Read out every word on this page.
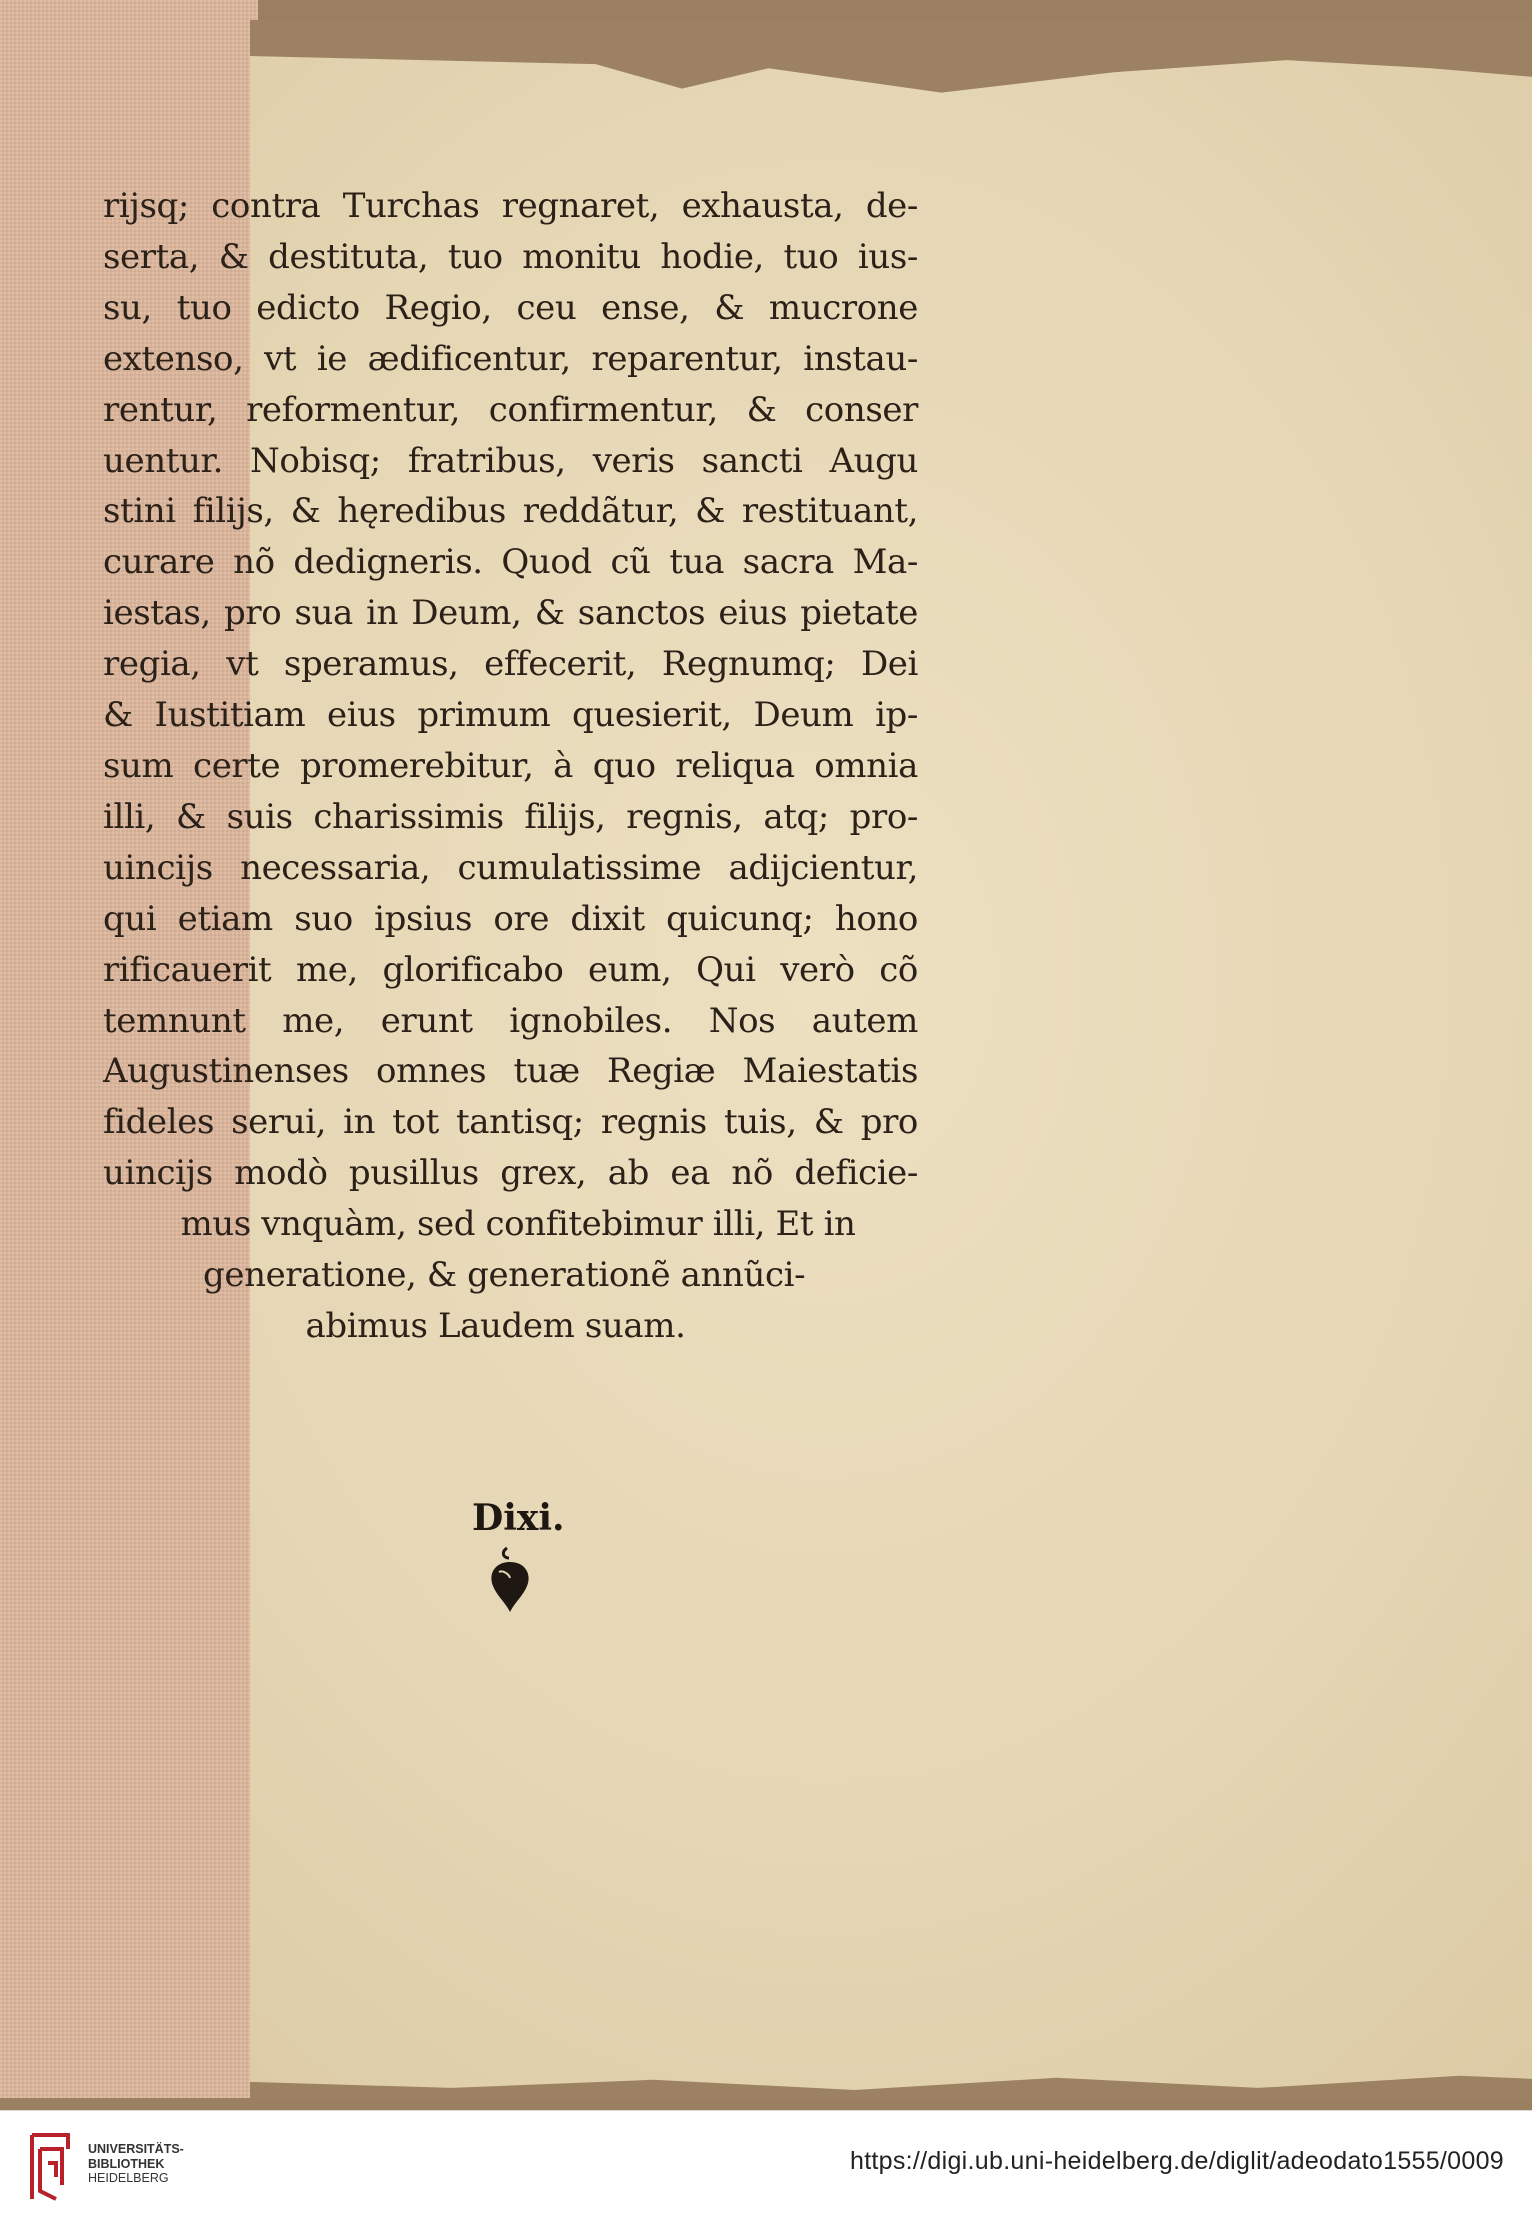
rijsq; contra Turchas regnaret, exhausta, de-
serta, & destituta, tuo monitu hodie, tuo ius-
su, tuo edicto Regio, ceu ense, & mucrone
extenso, vt ie ædificentur, reparentur, instau-
rentur, reformentur, confirmentur, & conser
uentur. Nobisq; fratribus, veris sancti Augu
stini filijs, & hęredibus reddãtur, & restituant,
curare nõ dedigneris. Quod cũ tua sacra Ma-
iestas, pro sua in Deum, & sanctos eius pietate
regia, vt speramus, effecerit, Regnumq; Dei
& Iustitiam eius primum quesierit, Deum ip-
sum certe promerebitur, à quo reliqua omnia
illi, & suis charissimis filijs, regnis, atq; pro-
uincijs necessaria, cumulatissime adijcientur,
qui etiam suo ipsius ore dixit quicunq; hono
rificauerit me, glorificabo eum, Qui verò cõ
temnunt me, erunt ignobiles. Nos autem
Augustinenses omnes tuæ Regiæ Maiestatis
fideles serui, in tot tantisq; regnis tuis, & pro
uincijs modò pusillus grex, ab ea nõ deficie-
mus vnquàm, sed confitebimur illi, Et in
generatione, & generationẽ annũci-
abimus Laudem suam.
Dixi.
UNIVERSITÄTS-
BIBLIOTHEK
HEIDELBERG
https://digi.ub.uni-heidelberg.de/diglit/adeodato1555/0009
